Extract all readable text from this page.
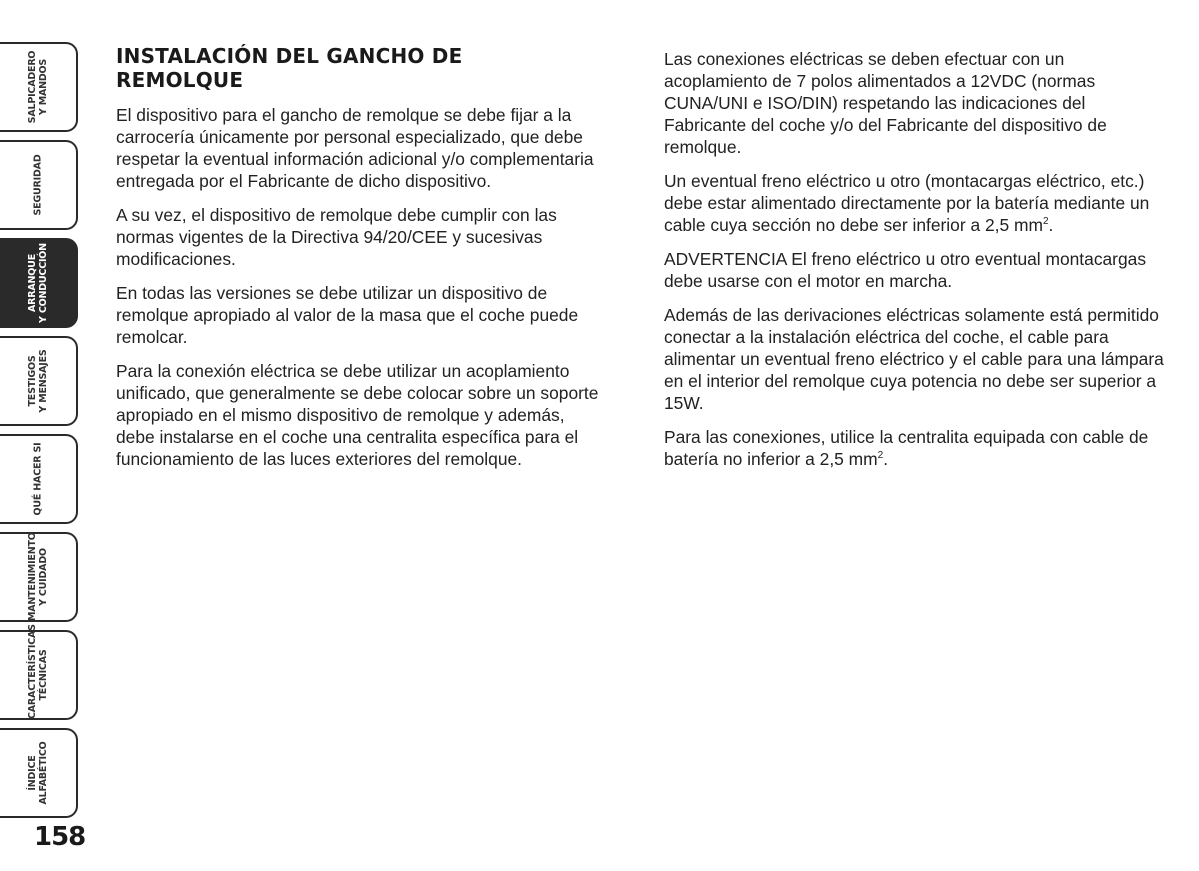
SALPICADERO Y MANDOS
SEGURIDAD
ARRANQUE Y CONDUCCIÓN
TESTIGOS Y MENSAJES
QUÉ HACER SI
MANTENIMIENTO Y CUIDADO
CARACTERÍSTICAS TÉCNICAS
ÍNDICE ALFABÉTICO
158
INSTALACIÓN DEL GANCHO DE
REMOLQUE

El dispositivo para el gancho de remolque se debe fijar a la carrocería únicamente por personal especializado, que debe respetar la eventual información adicional y/o complementaria entregada por el Fabricante de dicho dispositivo.

A su vez, el dispositivo de remolque debe cumplir con las normas vigentes de la Directiva 94/20/CEE y sucesivas modificaciones.

En todas las versiones se debe utilizar un dispositivo de remolque apropiado al valor de la masa que el coche puede remolcar.

Para la conexión eléctrica se debe utilizar un acoplamiento unificado, que generalmente se debe colocar sobre un soporte apropiado en el mismo dispositivo de remolque y además, debe instalarse en el coche una centralita específica para el funcionamiento de las luces exteriores del remolque.

Las conexiones eléctricas se deben efectuar con un acoplamiento de 7 polos alimentados a 12VDC (normas CUNA/UNI e ISO/DIN) respetando las indicaciones del Fabricante del coche y/o del Fabricante del dispositivo de remolque.

Un eventual freno eléctrico u otro (montacargas eléctrico, etc.) debe estar alimentado directamente por la batería mediante un cable cuya sección no debe ser inferior a 2,5 $mm^2$.

ADVERTENCIA El freno eléctrico u otro eventual montacargas debe usarse con el motor en marcha.

Además de las derivaciones eléctricas solamente está permitido conectar a la instalación eléctrica del coche, el cable para alimentar un eventual freno eléctrico y el cable para una lámpara en el interior del remolque cuya potencia no debe ser superior a 15W.

Para las conexiones, utilice la centralita equipada con cable de batería no inferior a 2,5 $mm^2$.
